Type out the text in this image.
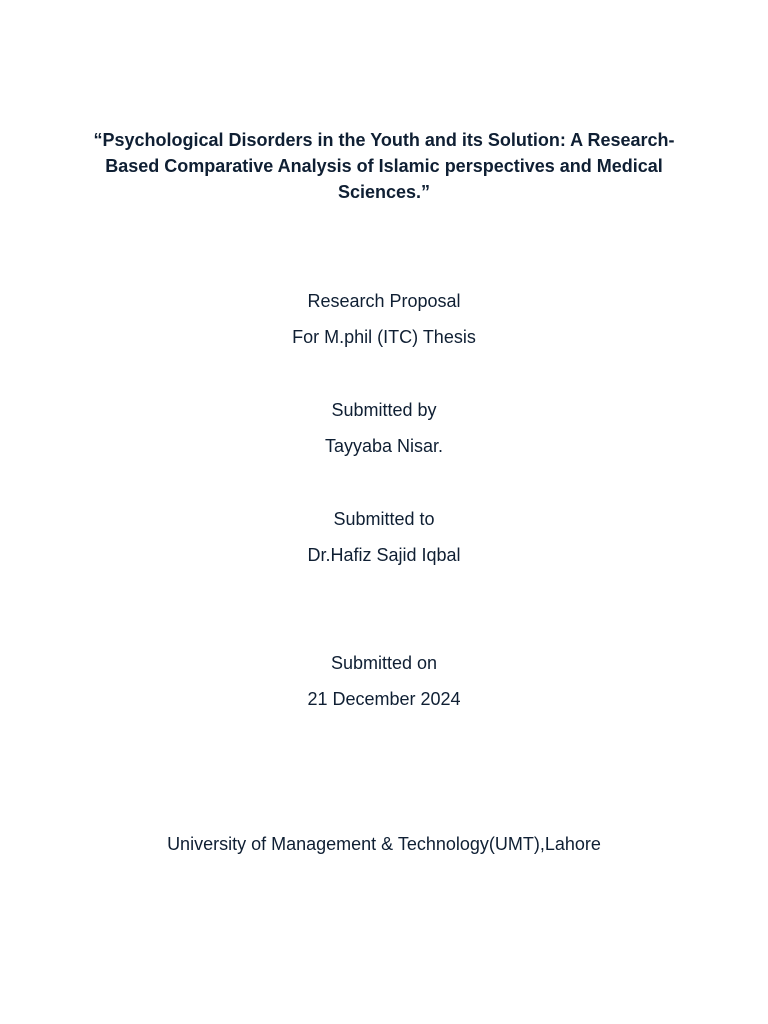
“Psychological Disorders in the Youth and its Solution: A Research-Based Comparative Analysis of Islamic perspectives and Medical Sciences.”

Research Proposal

For M.phil (ITC) Thesis

Submitted by

Tayyaba Nisar.

Submitted to

Dr.Hafiz Sajid Iqbal

Submitted on

21 December 2024

University of Management & Technology(UMT),Lahore
